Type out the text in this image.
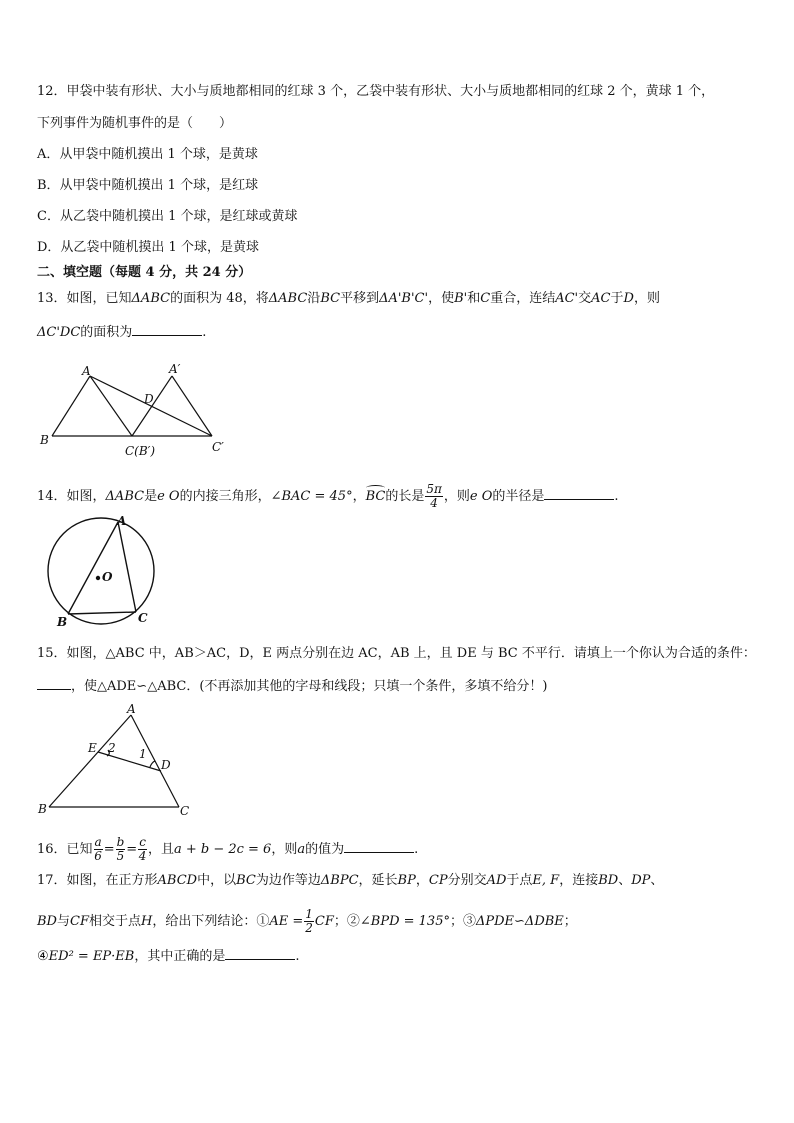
12．甲袋中装有形状、大小与质地都相同的红球 3 个，乙袋中装有形状、大小与质地都相同的红球 2 个，黄球 1 个，
下列事件为随机事件的是（　　）
A．从甲袋中随机摸出 1 个球，是黄球
B．从甲袋中随机摸出 1 个球，是红球
C．从乙袋中随机摸出 1 个球，是红球或黄球
D．从乙袋中随机摸出 1 个球，是黄球
二、填空题（每题 4 分，共 24 分）
13．如图，已知ΔABC的面积为 48，将ΔABC沿BC平移到ΔA'B'C'，使B'和C重合，连结AC'交AC于D，则
ΔC'DC的面积为	.
A	A′
D
B
C(B′)	C′
14．如图，ΔABC是e O的内接三角形，∠BAC = 45°，BC的长是 $\frac{5\pi}{4}$ ，则e O的半径是	.
A
O
B	C
15．如图，△ABC 中，AB＞AC，D，E 两点分别在边 AC，AB 上，且 DE 与 BC 不平行．请填上一个你认为合适的条件：
，使△ADE∽△ABC．(不再添加其他的字母和线段；只填一个条件，多填不给分！)
A
E 2 1
D
B	C
16．已知 $\frac{a}{6} = \frac{b}{5} = \frac{c}{4}$ ，且a + b − 2c = 6，则a的值为	.
17．如图，在正方形ABCD中，以BC为边作等边ΔBPC，延长BP，CP分别交AD于点E, F，连接BD、DP、
BD与CF相交于点H，给出下列结论：①AE = $\frac{1}{2}$ CF；②∠BPD = 135°；③ΔPDE∽ΔDBE；
④ED² = EP·EB，其中正确的是	.
